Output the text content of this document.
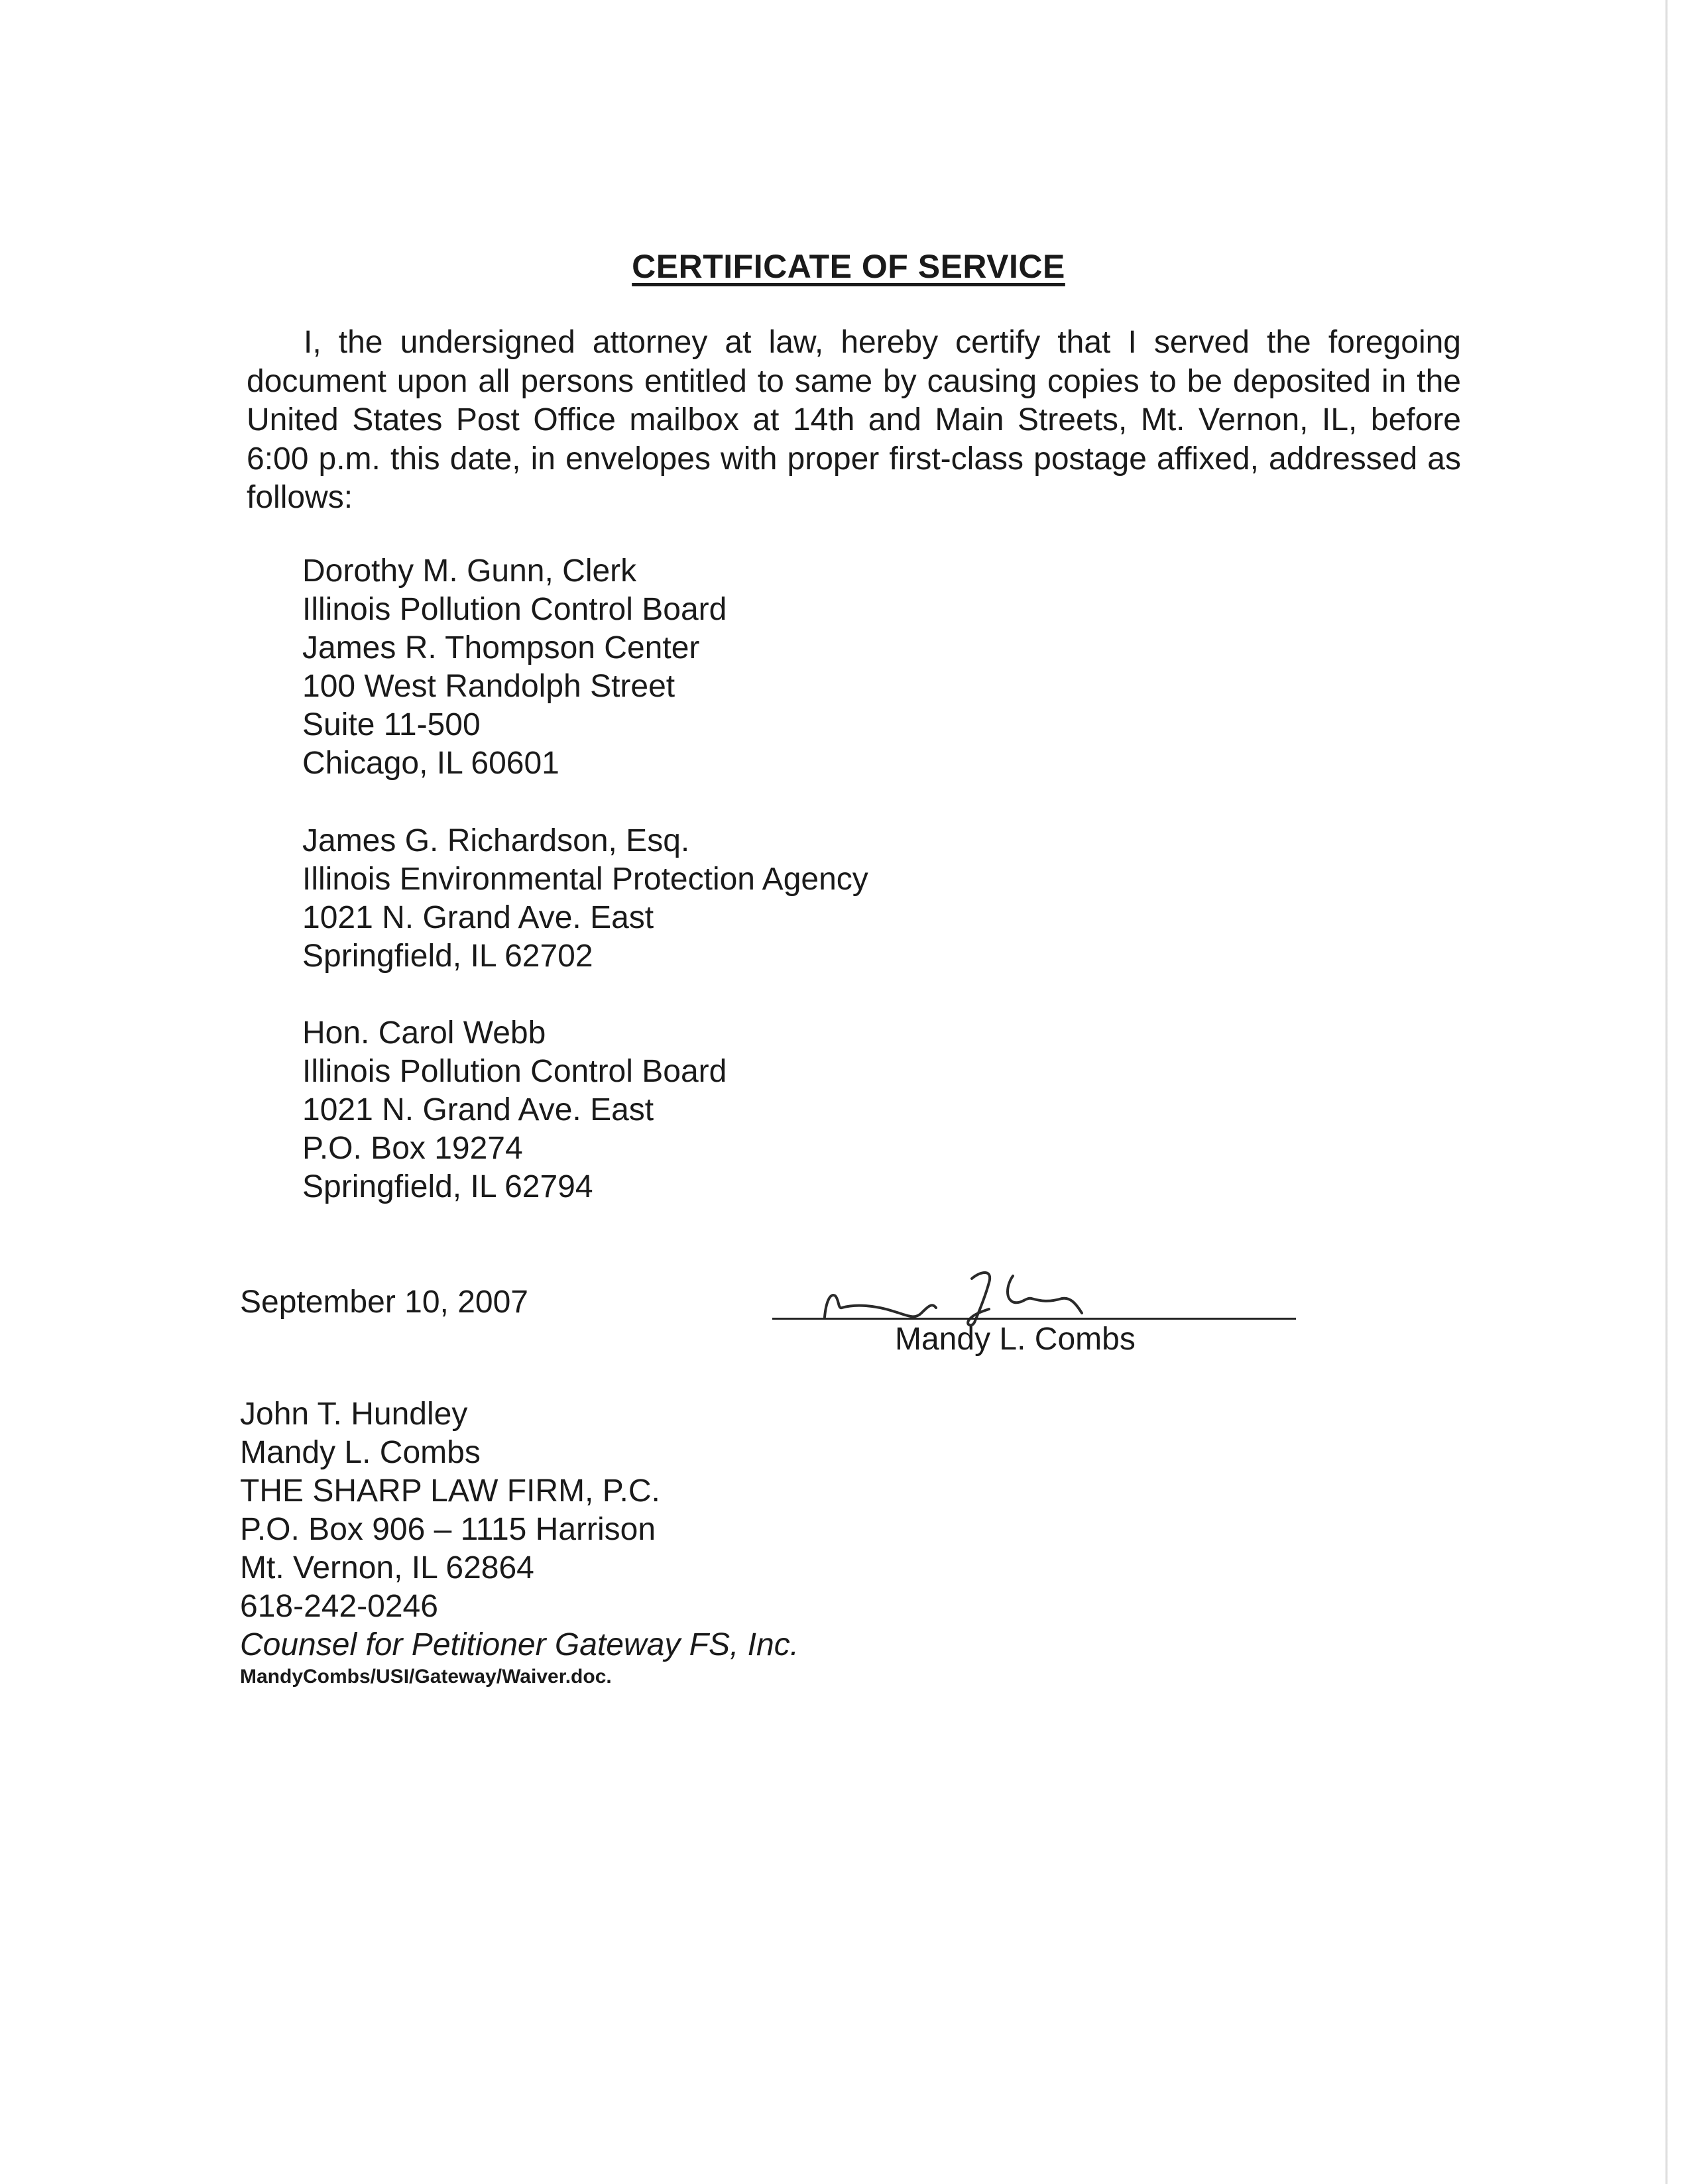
CERTIFICATE OF SERVICE
I, the undersigned attorney at law, hereby certify that I served the foregoing document upon all persons entitled to same by causing copies to be deposited in the United States Post Office mailbox at 14th and Main Streets, Mt. Vernon, IL, before 6:00 p.m. this date, in envelopes with proper first-class postage affixed, addressed as follows:
Dorothy M. Gunn, Clerk
Illinois Pollution Control Board
James R. Thompson Center
100 West Randolph Street
Suite 11-500
Chicago, IL 60601
James G. Richardson, Esq.
Illinois Environmental Protection Agency
1021 N. Grand Ave. East
Springfield, IL 62702
Hon. Carol Webb
Illinois Pollution Control Board
1021 N. Grand Ave. East
P.O. Box 19274
Springfield, IL 62794
September 10, 2007
Mandy L. Combs
John T. Hundley
Mandy L. Combs
THE SHARP LAW FIRM, P.C.
P.O. Box 906 – 1115 Harrison
Mt. Vernon, IL 62864
618-242-0246
Counsel for Petitioner Gateway FS, Inc.
MandyCombs/USI/Gateway/Waiver.doc.
